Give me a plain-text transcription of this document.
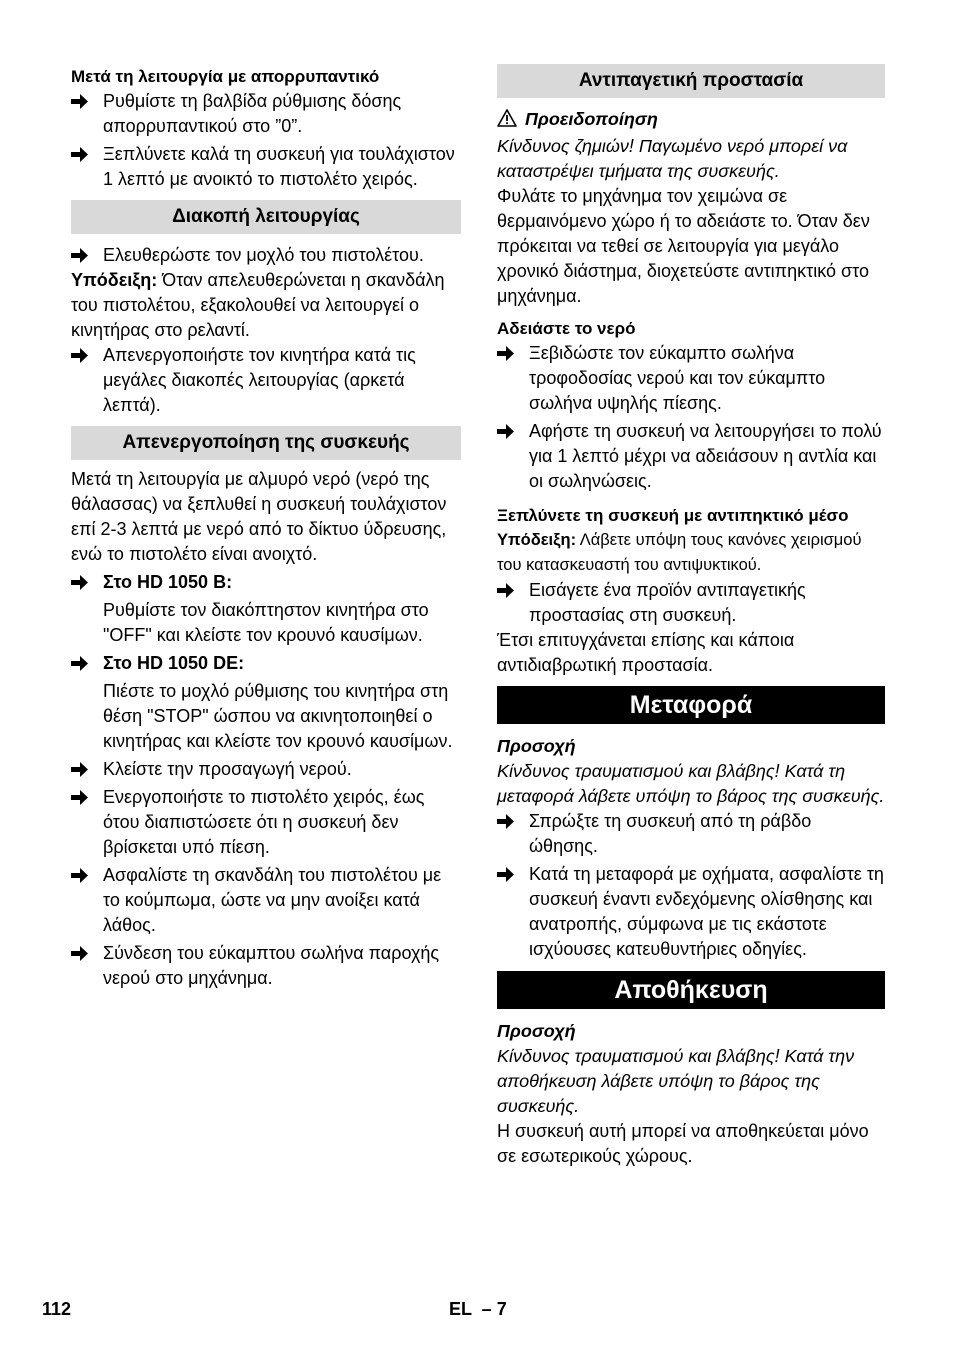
Μετά τη λειτουργία με απορρυπαντικό
Ρυθμίστε τη βαλβίδα ρύθμισης δόσης απορρυπαντικού στο ”0”.
Ξεπλύνετε καλά τη συσκευή για τουλάχιστον 1 λεπτό με ανοικτό το πιστολέτο χειρός.
Διακοπή λειτουργίας
Ελευθερώστε τον μοχλό του πιστολέτου.
Υπόδειξη: Όταν απελευθερώνεται η σκανδάλη του πιστολέτου, εξακολουθεί να λειτουργεί ο κινητήρας στο ρελαντί.
Απενεργοποιήστε τον κινητήρα κατά τις μεγάλες διακοπές λειτουργίας (αρκετά λεπτά).
Απενεργοποίηση της συσκευής
Μετά τη λειτουργία με αλμυρό νερό (νερό της θάλασσας) να ξεπλυθεί η συσκευή τουλάχιστον επί 2-3 λεπτά με νερό από το δίκτυο ύδρευσης, ενώ το πιστολέτο είναι ανοιχτό.
Στο HD 1050 B:
Ρυθμίστε τον διακόπτηστον κινητήρα στο "OFF" και κλείστε τον κρουνό καυσίμων.
Στο HD 1050 DE:
Πιέστε το μοχλό ρύθμισης του κινητήρα στη θέση "STOP" ώσπου να ακινητοποιηθεί ο κινητήρας και κλείστε τον κρουνό καυσίμων.
Κλείστε την προσαγωγή νερού.
Ενεργοποιήστε το πιστολέτο χειρός, έως ότου διαπιστώσετε ότι η συσκευή δεν βρίσκεται υπό πίεση.
Ασφαλίστε τη σκανδάλη του πιστολέτου με το κούμπωμα, ώστε να μην ανοίξει κατά λάθος.
Σύνδεση του εύκαμπτου σωλήνα παροχής νερού στο μηχάνημα.
Αντιπαγετική προστασία
Προειδοποίηση
Κίνδυνος ζημιών! Παγωμένο νερό μπορεί να καταστρέψει τμήματα της συσκευής.
Φυλάτε το μηχάνημα τον χειμώνα σε θερμαινόμενο χώρο ή το αδειάστε το. Όταν δεν πρόκειται να τεθεί σε λειτουργία για μεγάλο χρονικό διάστημα, διοχετεύστε αντιπηκτικό στο μηχάνημα.
Αδειάστε το νερό
Ξεβιδώστε τον εύκαμπτο σωλήνα τροφοδοσίας νερού και τον εύκαμπτο σωλήνα υψηλής πίεσης.
Αφήστε τη συσκευή να λειτουργήσει το πολύ για 1 λεπτό μέχρι να αδειάσουν η αντλία και οι σωληνώσεις.
Ξεπλύνετε τη συσκευή με αντιπηκτικό μέσο
Υπόδειξη: Λάβετε υπόψη τους κανόνες χειρισμού του κατασκευαστή του αντιψυκτικού.
Εισάγετε ένα προϊόν αντιπαγετικής προστασίας στη συσκευή.
Έτσι επιτυγχάνεται επίσης και κάποια αντιδιαβρωτική προστασία.
Μεταφορά
Προσοχή
Κίνδυνος τραυματισμού και βλάβης! Κατά τη μεταφορά λάβετε υπόψη το βάρος της συσκευής.
Σπρώξτε τη συσκευή από τη ράβδο ώθησης.
Κατά τη μεταφορά με οχήματα, ασφαλίστε τη συσκευή έναντι ενδεχόμενης ολίσθησης και ανατροπής, σύμφωνα με τις εκάστοτε ισχύουσες κατευθυντήριες οδηγίες.
Αποθήκευση
Προσοχή
Κίνδυνος τραυματισμού και βλάβης! Κατά την αποθήκευση λάβετε υπόψη το βάρος της συσκευής.
Η συσκευή αυτή μπορεί να αποθηκεύεται μόνο σε εσωτερικούς χώρους.
112	EL  – 7
